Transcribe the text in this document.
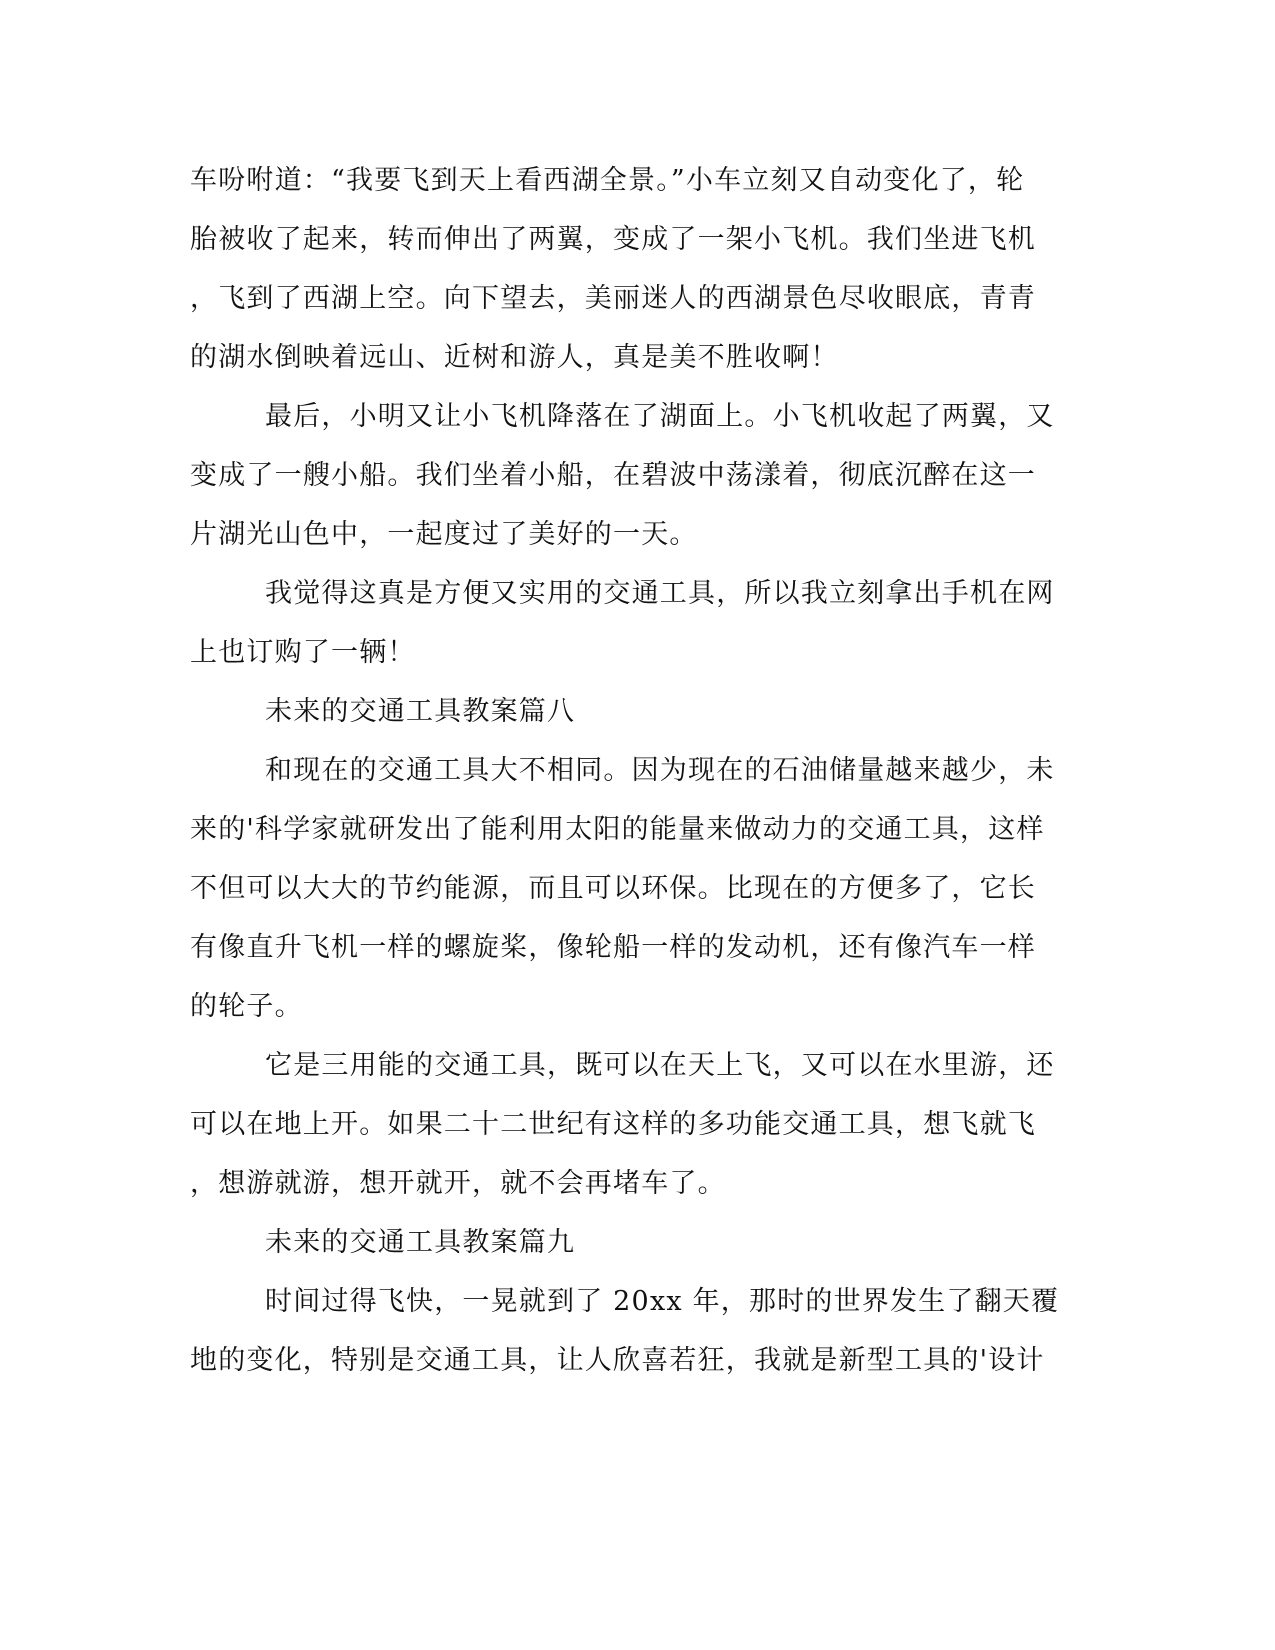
车吩咐道：“我要飞到天上看西湖全景。”小车立刻又自动变化了，轮
胎被收了起来，转而伸出了两翼，变成了一架小飞机。我们坐进飞机
，飞到了西湖上空。向下望去，美丽迷人的西湖景色尽收眼底，青青
的湖水倒映着远山、近树和游人，真是美不胜收啊！
最后，小明又让小飞机降落在了湖面上。小飞机收起了两翼，又
变成了一艘小船。我们坐着小船，在碧波中荡漾着，彻底沉醉在这一
片湖光山色中，一起度过了美好的一天。
我觉得这真是方便又实用的交通工具，所以我立刻拿出手机在网
上也订购了一辆！
未来的交通工具教案篇八
和现在的交通工具大不相同。因为现在的石油储量越来越少，未
来的'科学家就研发出了能利用太阳的能量来做动力的交通工具，这样
不但可以大大的节约能源，而且可以环保。比现在的方便多了，它长
有像直升飞机一样的螺旋桨，像轮船一样的发动机，还有像汽车一样
的轮子。
它是三用能的交通工具，既可以在天上飞，又可以在水里游，还
可以在地上开。如果二十二世纪有这样的多功能交通工具，想飞就飞
，想游就游，想开就开，就不会再堵车了。
未来的交通工具教案篇九
时间过得飞快，一晃就到了 20xx 年，那时的世界发生了翻天覆
地的变化，特别是交通工具，让人欣喜若狂，我就是新型工具的'设计
